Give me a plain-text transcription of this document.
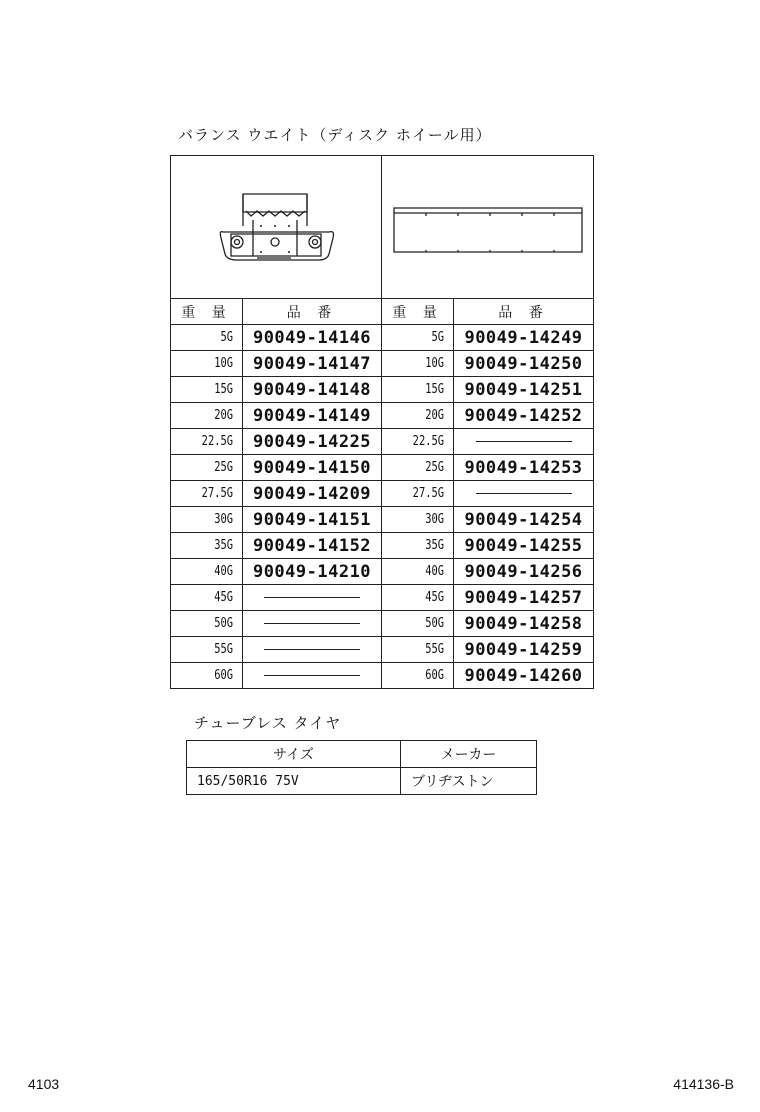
バランス ウエイト（ディスク ホイール用）

重 量	品 番	重 量	品 番
5G	90049-14146	5G	90049-14249
10G	90049-14147	10G	90049-14250
15G	90049-14148	15G	90049-14251
20G	90049-14149	20G	90049-14252
22.5G	90049-14225	22.5G	
25G	90049-14150	25G	90049-14253
27.5G	90049-14209	27.5G	
30G	90049-14151	30G	90049-14254
35G	90049-14152	35G	90049-14255
40G	90049-14210	40G	90049-14256
45G		45G	90049-14257
50G		50G	90049-14258
55G		55G	90049-14259
60G		60G	90049-14260
チューブレス タイヤ
サイズ	メーカー
165/50R16 75V	ブリヂストン
4103	414136-B
